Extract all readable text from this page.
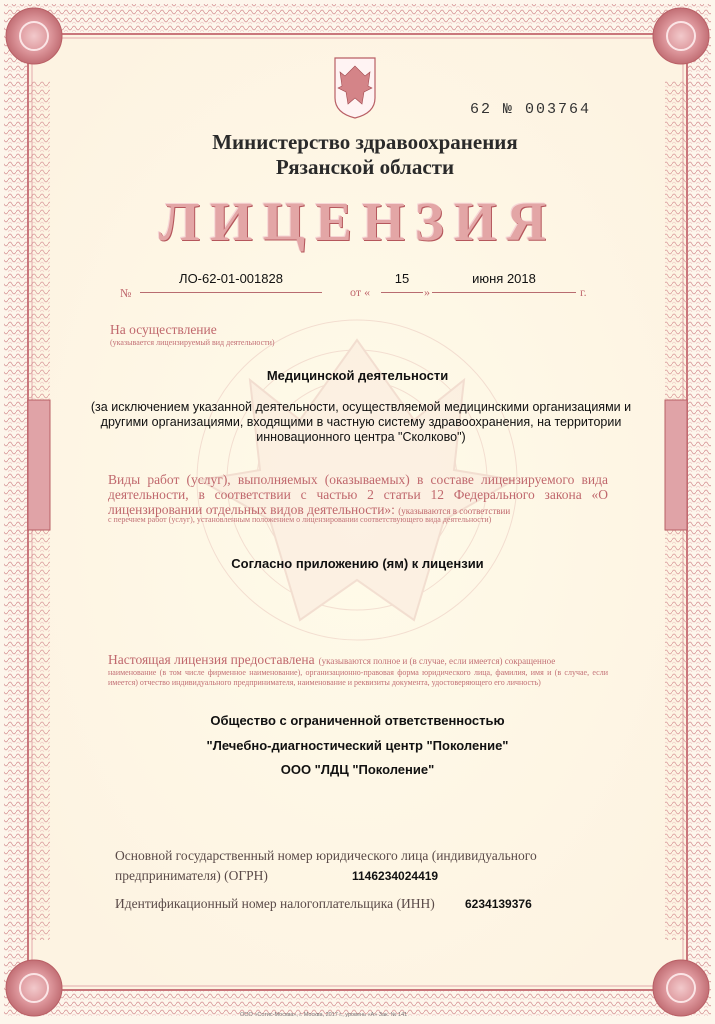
62 № 003764
Министерство здравоохранения
Рязанской области
ЛИЦЕНЗИЯ
№
ЛО-62-01-001828
от «
15
»
июня 2018
г.
На осуществление
(указывается лицензируемый вид деятельности)
Медицинской деятельности
(за исключением указанной деятельности, осуществляемой медицинскими организациями и другими организациями, входящими в частную систему здравоохранения, на территории инновационного центра "Сколково")
Виды работ (услуг), выполняемых (оказываемых) в составе лицензируемого вида деятельности, в соответствии с частью 2 статьи 12 Федерального закона «О лицензировании отдельных видов деятельности»: (указываются в соответствии
с перечнем работ (услуг), установленным положением о лицензировании соответствующего вида деятельности)
Согласно приложению (ям) к лицензии
Настоящая лицензия предоставлена (указываются полное и (в случае, если имеется) сокращенное
наименование (в том числе фирменное наименование), организационно-правовая форма юридического лица, фамилия, имя и (в случае, если имеется) отчество индивидуального предпринимателя, наименование и реквизиты документа, удостоверяющего его личность)
Общество с ограниченной ответственностью
"Лечебно-диагностический центр "Поколение"
ООО "ЛДЦ "Поколение"
Основной государственный номер юридического лица (индивидуального
предпринимателя) (ОГРН)	1146234024419
Идентификационный номер налогоплательщика (ИНН)	6234139376
ООО «Сотис-Москва», г. Москва, 2017 г., уровень «А» Зак. № 141
